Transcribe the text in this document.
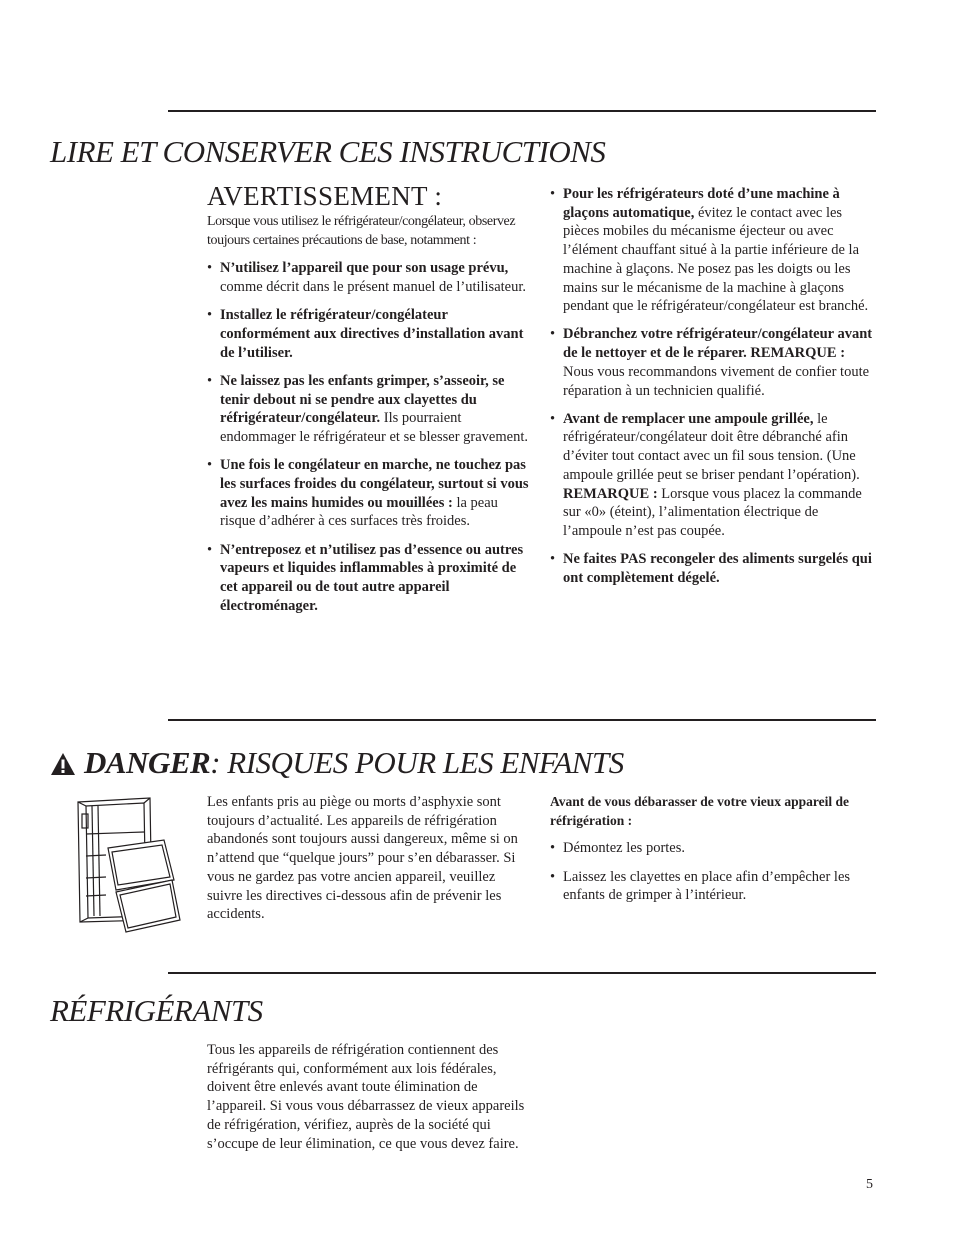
LIRE ET CONSERVER CES INSTRUCTIONS
AVERTISSEMENT :

Lorsque vous utilisez le réfrigérateur/congélateur, observez toujours certaines précautions de base, notamment :

• N’utilisez l’appareil que pour son usage prévu, comme décrit dans le présent manuel de l’utilisateur.
• Installez le réfrigérateur/congélateur conformément aux directives d’installation avant de l’utiliser.
• Ne laissez pas les enfants grimper, s’asseoir, se tenir debout ni se pendre aux clayettes du réfrigérateur/congélateur. Ils pourraient endommager le réfrigérateur et se blesser gravement.
• Une fois le congélateur en marche, ne touchez pas les surfaces froides du congélateur, surtout si vous avez les mains humides ou mouillées : la peau risque d’adhérer à ces surfaces très froides.
• N’entreposez et n’utilisez pas d’essence ou autres vapeurs et liquides inflammables à proximité de cet appareil ou de tout autre appareil électroménager.
• Pour les réfrigérateurs doté d’une machine à glaçons automatique, évitez le contact avec les pièces mobiles du mécanisme éjecteur ou avec l’élément chauffant situé à la partie inférieure de la machine à glaçons. Ne posez pas les doigts ou les mains sur le mécanisme de la machine à glaçons pendant que le réfrigérateur/congélateur est branché.
• Débranchez votre réfrigérateur/congélateur avant de le nettoyer et de le réparer. REMARQUE : Nous vous recommandons vivement de confier toute réparation à un technicien qualifié.
• Avant de remplacer une ampoule grillée, le réfrigérateur/congélateur doit être débranché afin d’éviter tout contact avec un fil sous tension. (Une ampoule grillée peut se briser pendant l’opération). REMARQUE : Lorsque vous placez la commande sur «0» (éteint), l’alimentation électrique de l’ampoule n’est pas coupée.
• Ne faites PAS recongeler des aliments surgelés qui ont complètement dégelé.
DANGER : RISQUES POUR LES ENFANTS

Les enfants pris au piège ou morts d’asphyxie sont toujours d’actualité. Les appareils de réfrigération abandonés sont toujours aussi dangereux, même si on n’attend que “quelque jours” pour s’en débarasser. Si vous ne gardez pas votre ancien appareil, veuillez suivre les directives ci-dessous afin de prévenir les accidents.

Avant de vous débarasser de votre vieux appareil de réfrigération :

• Démontez les portes.
• Laissez les clayettes en place afin d’empêcher les enfants de grimper à l’intérieur.
RÉFRIGÉRANTS

Tous les appareils de réfrigération contiennent des réfrigérants qui, conformément aux lois fédérales, doivent être enlevés avant toute élimination de l’appareil. Si vous vous débarrassez de vieux appareils de réfrigération, vérifiez, auprès de la société qui s’occupe de leur élimination, ce que vous devez faire.

5
